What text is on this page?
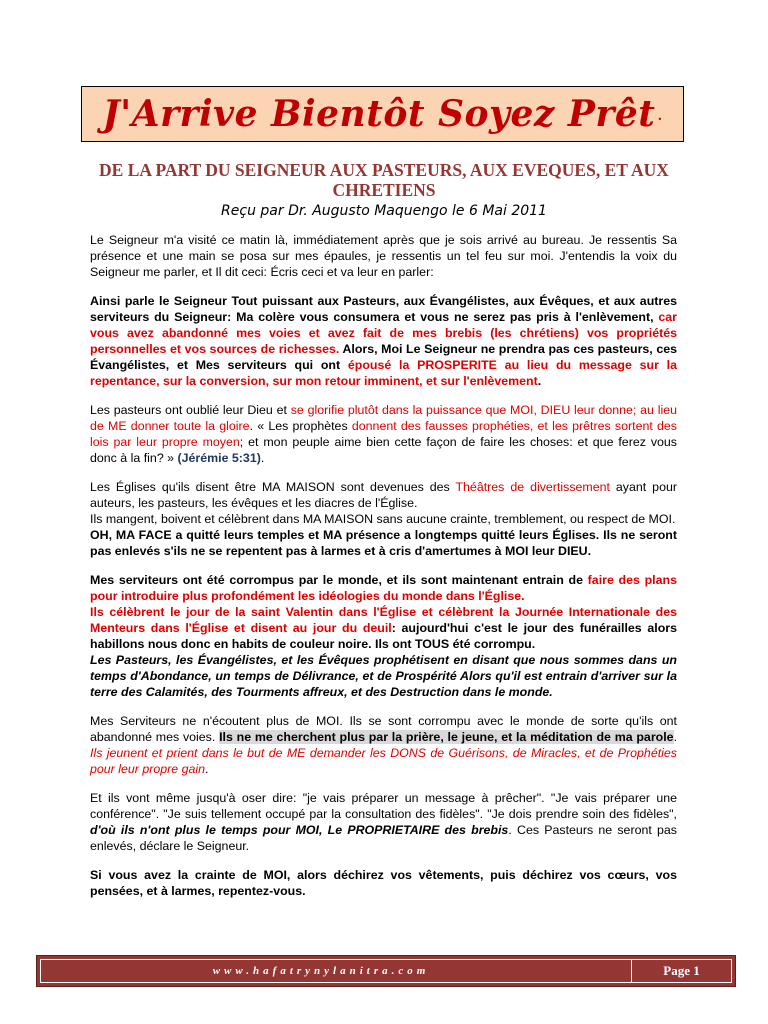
J'Arrive Bientôt Soyez Prêt .
DE LA PART DU SEIGNEUR AUX PASTEURS, AUX EVEQUES, ET AUX CHRETIENS
Reçu par Dr. Augusto Maquengo le 6 Mai 2011

Le Seigneur m'a visité ce matin là, immédiatement après que je sois arrivé au bureau. Je ressentis Sa présence et une main se posa sur mes épaules, je ressentis un tel feu sur moi. J'entendis la voix du Seigneur me parler, et Il dit ceci: Écris ceci et va leur en parler:

Ainsi parle le Seigneur Tout puissant aux Pasteurs, aux Évangélistes, aux Évêques, et aux autres serviteurs du Seigneur: Ma colère vous consumera et vous ne serez pas pris à l'enlèvement, car vous avez abandonné mes voies et avez fait de mes brebis (les chrétiens) vos propriétés personnelles et vos sources de richesses. Alors, Moi Le Seigneur ne prendra pas ces pasteurs, ces Évangélistes, et Mes serviteurs qui ont épousé la PROSPERITE au lieu du message sur la repentance, sur la conversion, sur mon retour imminent, et sur l'enlèvement.

Les pasteurs ont oublié leur Dieu et se glorifie plutôt dans la puissance que MOI, DIEU leur donne; au lieu de ME donner toute la gloire. « Les prophètes donnent des fausses prophéties, et les prêtres sortent des lois par leur propre moyen; et mon peuple aime bien cette façon de faire les choses: et que ferez vous donc à la fin? » (Jérémie 5:31).

Les Églises qu'ils disent être MA MAISON sont devenues des Théâtres de divertissement ayant pour auteurs, les pasteurs, les évêques et les diacres de l'Église.
Ils mangent, boivent et célèbrent dans MA MAISON sans aucune crainte, tremblement, ou respect de MOI.
OH, MA FACE a quitté leurs temples et MA présence a longtemps quitté leurs Églises. Ils ne seront pas enlevés s'ils ne se repentent pas à larmes et à cris d'amertumes à MOI leur DIEU.

Mes serviteurs ont été corrompus par le monde, et ils sont maintenant entrain de faire des plans pour introduire plus profondément les idéologies du monde dans l'Église.
Ils célèbrent le jour de la saint Valentin dans l'Église et célèbrent la Journée Internationale des Menteurs dans l'Église et disent au jour du deuil: aujourd'hui c'est le jour des funérailles alors habillons nous donc en habits de couleur noire. Ils ont TOUS été corrompu.
Les Pasteurs, les Évangélistes, et les Évêques prophétisent en disant que nous sommes dans un temps d'Abondance, un temps de Délivrance, et de Prospérité Alors qu'il est entrain d'arriver sur la terre des Calamités, des Tourments affreux, et des Destruction dans le monde.

Mes Serviteurs ne n'écoutent plus de MOI. Ils se sont corrompu avec le monde de sorte qu'ils ont abandonné mes voies. Ils ne me cherchent plus par la prière, le jeune, et la méditation de ma parole. Ils jeunent et prient dans le but de ME demander les DONS de Guérisons, de Miracles, et de Prophéties pour leur propre gain.

Et ils vont même jusqu'à oser dire: "je vais préparer un message à prêcher". "Je vais préparer une conférence". "Je suis tellement occupé par la consultation des fidèles". "Je dois prendre soin des fidèles", d'où ils n'ont plus le temps pour MOI, Le PROPRIETAIRE des brebis. Ces Pasteurs ne seront pas enlevés, déclare le Seigneur.

Si vous avez la crainte de MOI, alors déchirez vos vêtements, puis déchirez vos cœurs, vos pensées, et à larmes, repentez-vous.

www.hafatrynylanitra.com	Page 1
